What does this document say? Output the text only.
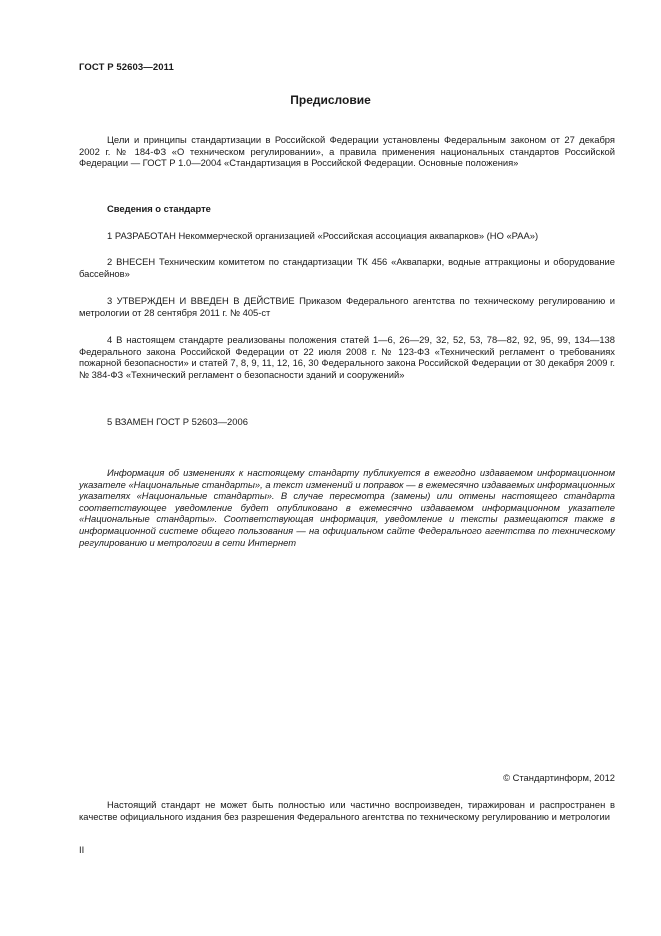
ГОСТ Р 52603—2011
Предисловие

Цели и принципы стандартизации в Российской Федерации установлены Федеральным законом от 27 декабря 2002 г. № 184-ФЗ «О техническом регулировании», а правила применения национальных стандартов Российской Федерации — ГОСТ Р 1.0—2004 «Стандартизация в Российской Федерации. Основные положения»

Сведения о стандарте

1 РАЗРАБОТАН Некоммерческой организацией «Российская ассоциация аквапарков» (НО «РАА»)

2 ВНЕСЕН Техническим комитетом по стандартизации ТК 456 «Аквапарки, водные аттракционы и оборудование бассейнов»

3 УТВЕРЖДЕН И ВВЕДЕН В ДЕЙСТВИЕ Приказом Федерального агентства по техническому регулированию и метрологии от 28 сентября 2011 г. № 405-ст

4 В настоящем стандарте реализованы положения статей 1—6, 26—29, 32, 52, 53, 78—82, 92, 95, 99, 134—138 Федерального закона Российской Федерации от 22 июля 2008 г. № 123-ФЗ «Технический регламент о требованиях пожарной безопасности» и статей 7, 8, 9, 11, 12, 16, 30 Федерального закона Российской Федерации от 30 декабря 2009 г. № 384-ФЗ «Технический регламент о безопасности зданий и сооружений»

5 ВЗАМЕН ГОСТ Р 52603—2006

Информация об изменениях к настоящему стандарту публикуется в ежегодно издаваемом информационном указателе «Национальные стандарты», а текст изменений и поправок — в ежемесячно издаваемых информационных указателях «Национальные стандарты». В случае пересмотра (замены) или отмены настоящего стандарта соответствующее уведомление будет опубликовано в ежемесячно издаваемом информационном указателе «Национальные стандарты». Соответствующая информация, уведомление и тексты размещаются также в информационной системе общего пользования — на официальном сайте Федерального агентства по техническому регулированию и метрологии в сети Интернет

© Стандартинформ, 2012

Настоящий стандарт не может быть полностью или частично воспроизведен, тиражирован и распространен в качестве официального издания без разрешения Федерального агентства по техническому регулированию и метрологии

II
